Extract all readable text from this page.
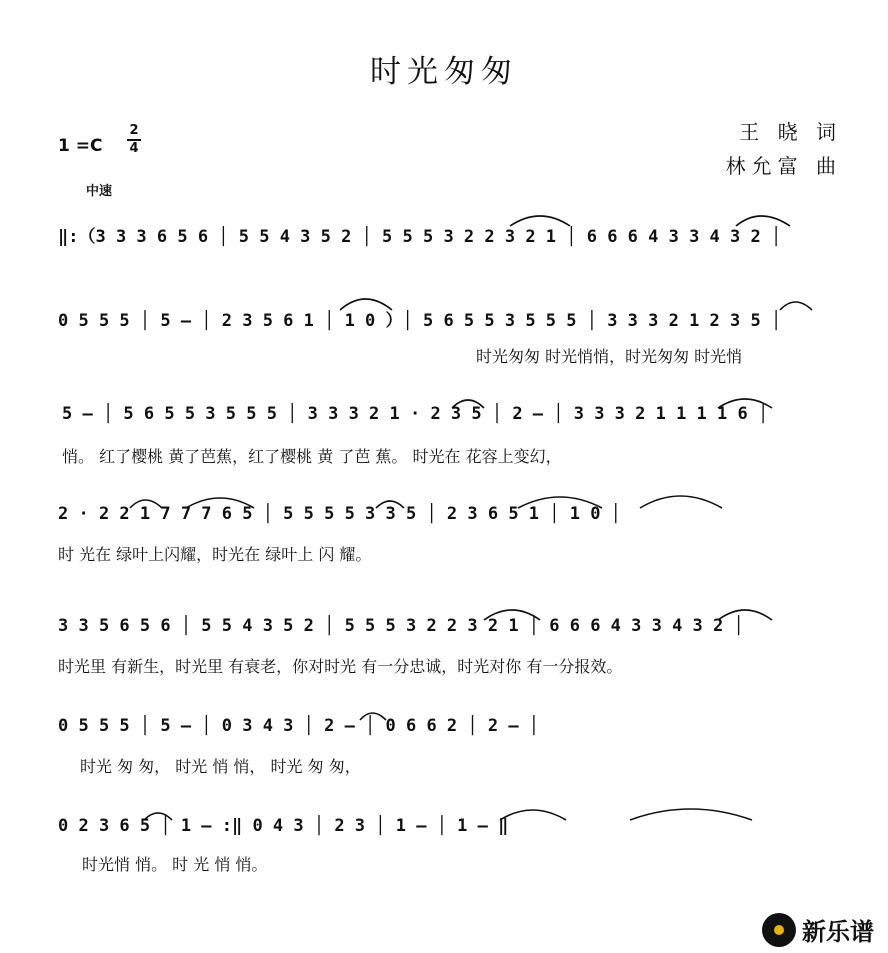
时光匆匆
王 晓 词
林允富 曲
1 =C
2
4
中速
‖:（3 3 3 6 5 6 │ 5 5 4 3 5 2 │ 5 5 5 3 2 2 3 2 1 │ 6 6 6 4 3 3 4 3 2 │
0 5 5 5 │ 5 – │ 2 3 5 6 1 │ 1 0 ）│ 5 6 5 5 3 5 5 5 │ 3 3 3 2 1 2 3 5 │
时光匆匆 时光悄悄，时光匆匆 时光悄
5 – │ 5 6 5 5 3 5 5 5 │ 3 3 3 2 1 · 2 3 5 │ 2 – │ 3 3 3 2 1 1 1 1 6 │
悄。 红了樱桃 黄了芭蕉，红了樱桃 黄 了芭 蕉。 时光在 花容上变幻，
2 · 2 2 1 7 7 7 6 5 │ 5 5 5 5 3 3 5 │ 2 3 6 5 1 │ 1 0 │
时 光在 绿叶上闪耀，时光在 绿叶上 闪 耀。
3 3 5 6 5 6 │ 5 5 4 3 5 2 │ 5 5 5 3 2 2 3 2 1 │ 6 6 6 4 3 3 4 3 2 │
时光里 有新生，时光里 有衰老，你对时光 有一分忠诚，时光对你 有一分报效。
0 5 5 5 │ 5 – │ 0 3 4 3 │ 2 – │ 0 6 6 2 │ 2 – │
时光 匆 匆， 时光 悄 悄， 时光 匆 匆，
0 2 3 6 5 │ 1 – :‖ 0 4 3 │ 2 3 │ 1 – │ 1 – ‖
时光悄 悄。 时 光 悄 悄。
新乐谱
